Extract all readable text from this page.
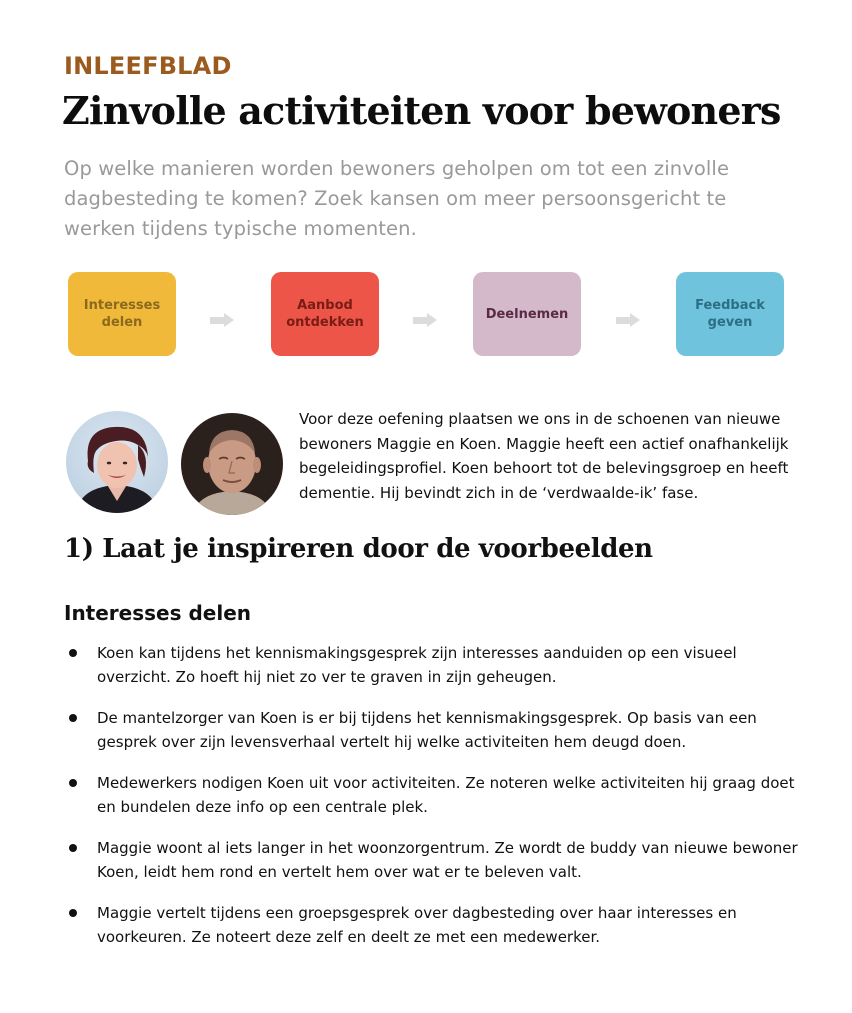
INLEEFBLAD
Zinvolle activiteiten voor bewoners

Op welke manieren worden bewoners geholpen om tot een zinvolle dagbesteding te komen? Zoek kansen om meer persoonsgericht te werken tijdens typische momenten.

Interesses
delen
Aanbod
ontdekken
Deelnemen
Feedback
geven

Voor deze oefening plaatsen we ons in de schoenen van nieuwe bewoners Maggie en Koen. Maggie heeft een actief onafhankelijk begeleidingsprofiel. Koen behoort tot de belevingsgroep en heeft dementie. Hij bevindt zich in de ‘verdwaalde-ik’ fase.

1) Laat je inspireren door de voorbeelden
Interesses delen
Koen kan tijdens het kennismakingsgesprek zijn interesses aanduiden op een visueel overzicht. Zo hoeft hij niet zo ver te graven in zijn geheugen.
De mantelzorger van Koen is er bij tijdens het kennismakingsgesprek. Op basis van een gesprek over zijn levensverhaal vertelt hij welke activiteiten hem deugd doen.
Medewerkers nodigen Koen uit voor activiteiten. Ze noteren welke activiteiten hij graag doet en bundelen deze info op een centrale plek.
Maggie woont al iets langer in het woonzorgentrum. Ze wordt de buddy van nieuwe bewoner Koen, leidt hem rond en vertelt hem over wat er te beleven valt.
Maggie vertelt tijdens een groepsgesprek over dagbesteding over haar interesses en voorkeuren. Ze noteert deze zelf en deelt ze met een medewerker.
